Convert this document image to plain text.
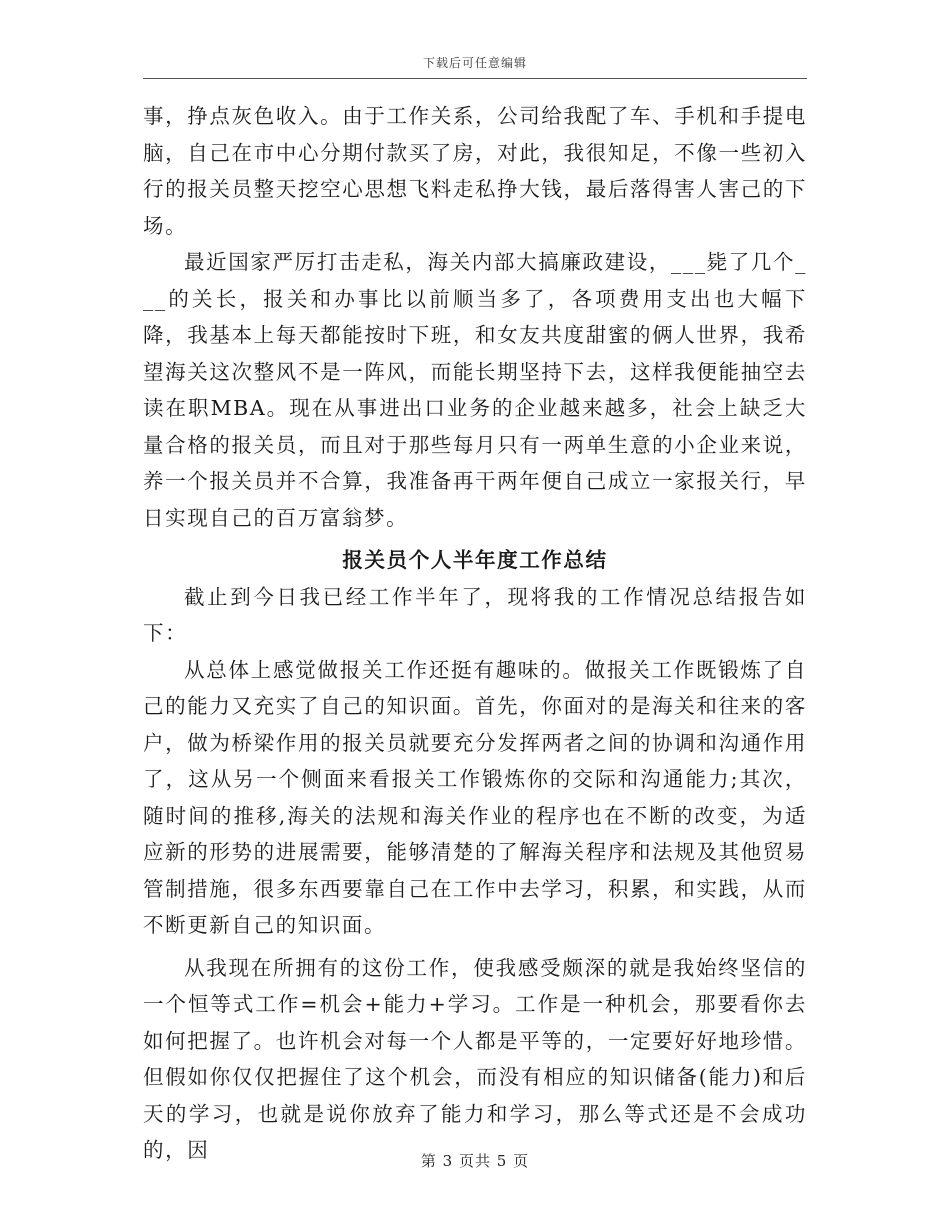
下载后可任意编辑

事，挣点灰色收入。由于工作关系，公司给我配了车、手机和手提电脑，自己在市中心分期付款买了房，对此，我很知足，不像一些初入行的报关员整天挖空心思想飞料走私挣大钱，最后落得害人害己的下场。

最近国家严厉打击走私，海关内部大搞廉政建设，___毙了几个___的关长，报关和办事比以前顺当多了，各项费用支出也大幅下降，我基本上每天都能按时下班，和女友共度甜蜜的俩人世界，我希望海关这次整风不是一阵风，而能长期坚持下去，这样我便能抽空去读在职MBA。现在从事进出口业务的企业越来越多，社会上缺乏大量合格的报关员，而且对于那些每月只有一两单生意的小企业来说，养一个报关员并不合算，我准备再干两年便自己成立一家报关行，早日实现自己的百万富翁梦。

报关员个人半年度工作总结

截止到今日我已经工作半年了，现将我的工作情况总结报告如下：

从总体上感觉做报关工作还挺有趣味的。做报关工作既锻炼了自己的能力又充实了自己的知识面。首先，你面对的是海关和往来的客户，做为桥梁作用的报关员就要充分发挥两者之间的协调和沟通作用了，这从另一个侧面来看报关工作锻炼你的交际和沟通能力;其次，随时间的推移,海关的法规和海关作业的程序也在不断的改变，为适应新的形势的进展需要，能够清楚的了解海关程序和法规及其他贸易管制措施，很多东西要靠自己在工作中去学习，积累，和实践，从而不断更新自己的知识面。

从我现在所拥有的这份工作，使我感受颇深的就是我始终坚信的一个恒等式工作=机会+能力+学习。工作是一种机会，那要看你去如何把握了。也许机会对每一个人都是平等的，一定要好好地珍惜。但假如你仅仅把握住了这个机会，而没有相应的知识储备(能力)和后天的学习，也就是说你放弃了能力和学习，那么等式还是不会成功的，因	第 3 页共 5 页
